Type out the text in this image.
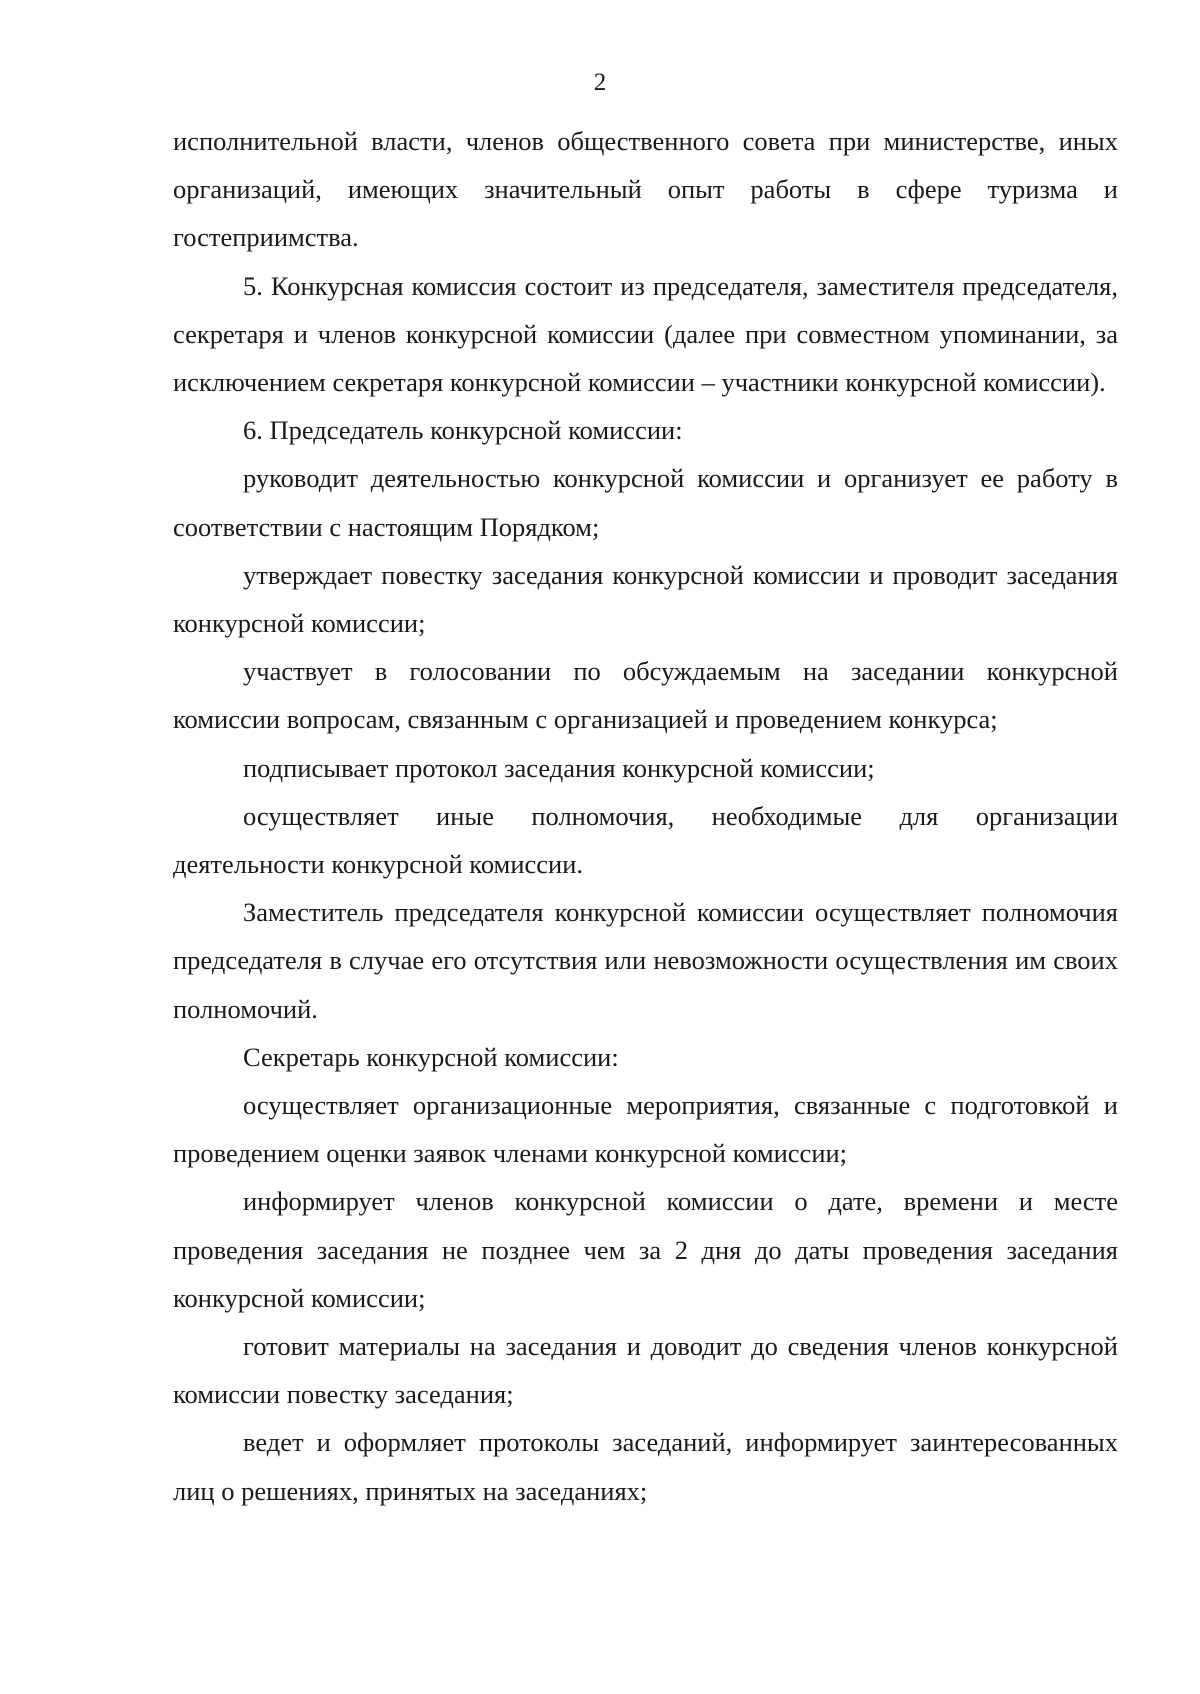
2

исполнительной власти, членов общественного совета при министерстве, иных организаций, имеющих значительный опыт работы в сфере туризма и гостеприимства.

5. Конкурсная комиссия состоит из председателя, заместителя председателя, секретаря и членов конкурсной комиссии (далее при совместном упоминании, за исключением секретаря конкурсной комиссии – участники конкурсной комиссии).

6. Председатель конкурсной комиссии:

руководит деятельностью конкурсной комиссии и организует ее работу в соответствии с настоящим Порядком;

утверждает повестку заседания конкурсной комиссии и проводит заседания конкурсной комиссии;

участвует в голосовании по обсуждаемым на заседании конкурсной комиссии вопросам, связанным с организацией и проведением конкурса;

подписывает протокол заседания конкурсной комиссии;

осуществляет иные полномочия, необходимые для организации деятельности конкурсной комиссии.

Заместитель председателя конкурсной комиссии осуществляет полномочия председателя в случае его отсутствия или невозможности осуществления им своих полномочий.

Секретарь конкурсной комиссии:

осуществляет организационные мероприятия, связанные с подготовкой и проведением оценки заявок членами конкурсной комиссии;

информирует членов конкурсной комиссии о дате, времени и месте проведения заседания не позднее чем за 2 дня до даты проведения заседания конкурсной комиссии;

готовит материалы на заседания и доводит до сведения членов конкурсной комиссии повестку заседания;

ведет и оформляет протоколы заседаний, информирует заинтересованных лиц о решениях, принятых на заседаниях;
